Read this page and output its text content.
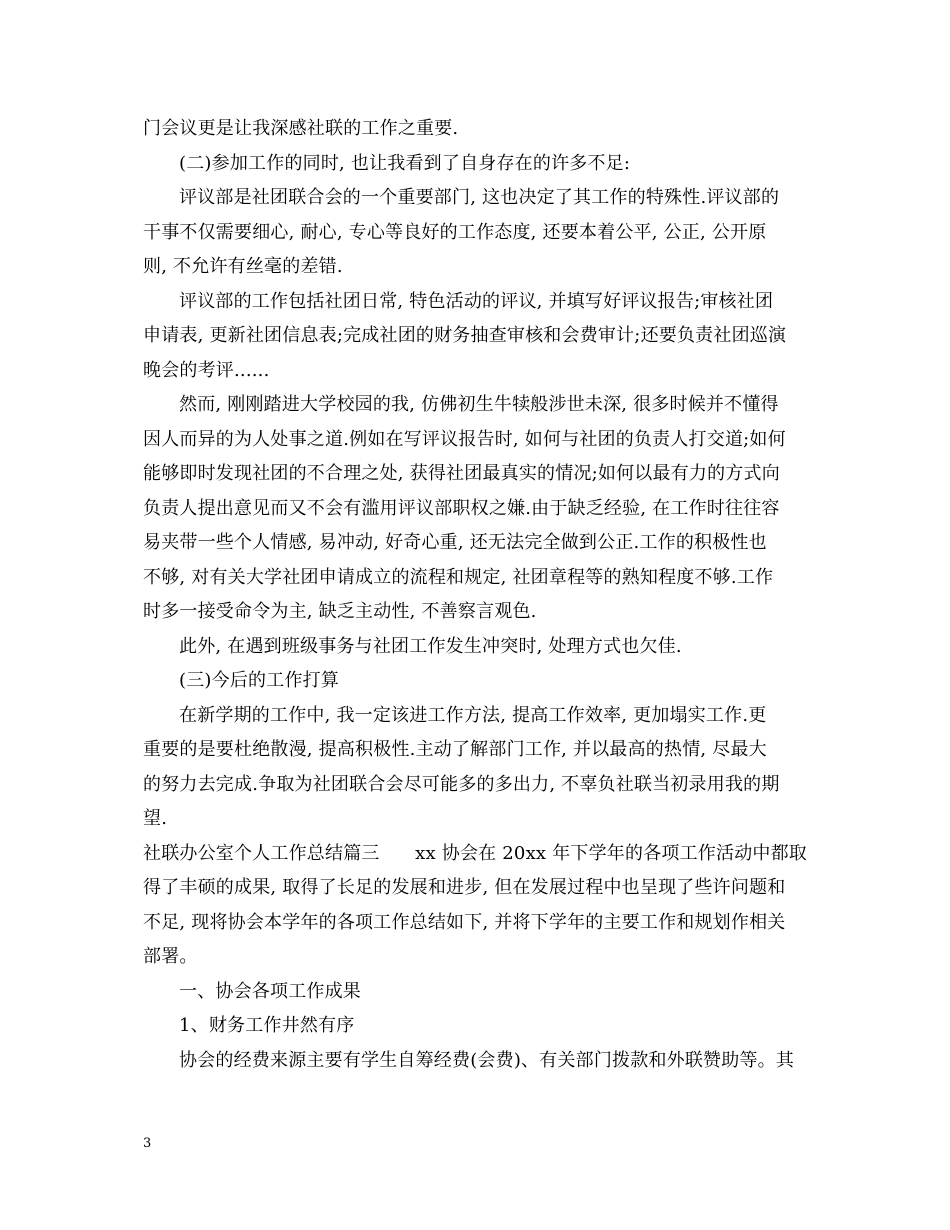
门会议更是让我深感社联的工作之重要.
(二)参加工作的同时, 也让我看到了自身存在的许多不足:
评议部是社团联合会的一个重要部门, 这也决定了其工作的特殊性.评议部的
干事不仅需要细心, 耐心, 专心等良好的工作态度, 还要本着公平, 公正, 公开原
则, 不允许有丝毫的差错.
评议部的工作包括社团日常, 特色活动的评议, 并填写好评议报告;审核社团
申请表, 更新社团信息表;完成社团的财务抽查审核和会费审计;还要负责社团巡演
晚会的考评......
然而, 刚刚踏进大学校园的我, 仿佛初生牛犊般涉世未深, 很多时候并不懂得
因人而异的为人处事之道.例如在写评议报告时, 如何与社团的负责人打交道;如何
能够即时发现社团的不合理之处, 获得社团最真实的情况;如何以最有力的方式向
负责人提出意见而又不会有滥用评议部职权之嫌.由于缺乏经验, 在工作时往往容
易夹带一些个人情感, 易冲动, 好奇心重, 还无法完全做到公正.工作的积极性也
不够, 对有关大学社团申请成立的流程和规定, 社团章程等的熟知程度不够.工作
时多一接受命令为主, 缺乏主动性, 不善察言观色.
此外, 在遇到班级事务与社团工作发生冲突时, 处理方式也欠佳.
(三)今后的工作打算
在新学期的工作中, 我一定该进工作方法, 提高工作效率, 更加塌实工作.更
重要的是要杜绝散漫, 提高积极性.主动了解部门工作, 并以最高的热情, 尽最大
的努力去完成.争取为社团联合会尽可能多的多出力, 不辜负社联当初录用我的期
望.
社联办公室个人工作总结篇三      xx 协会在 20xx 年下学年的各项工作活动中都取
得了丰硕的成果, 取得了长足的发展和进步, 但在发展过程中也呈现了些许问题和
不足, 现将协会本学年的各项工作总结如下, 并将下学年的主要工作和规划作相关
部署。
一、协会各项工作成果
1、财务工作井然有序
协会的经费来源主要有学生自筹经费(会费)、有关部门拨款和外联赞助等。其
3
